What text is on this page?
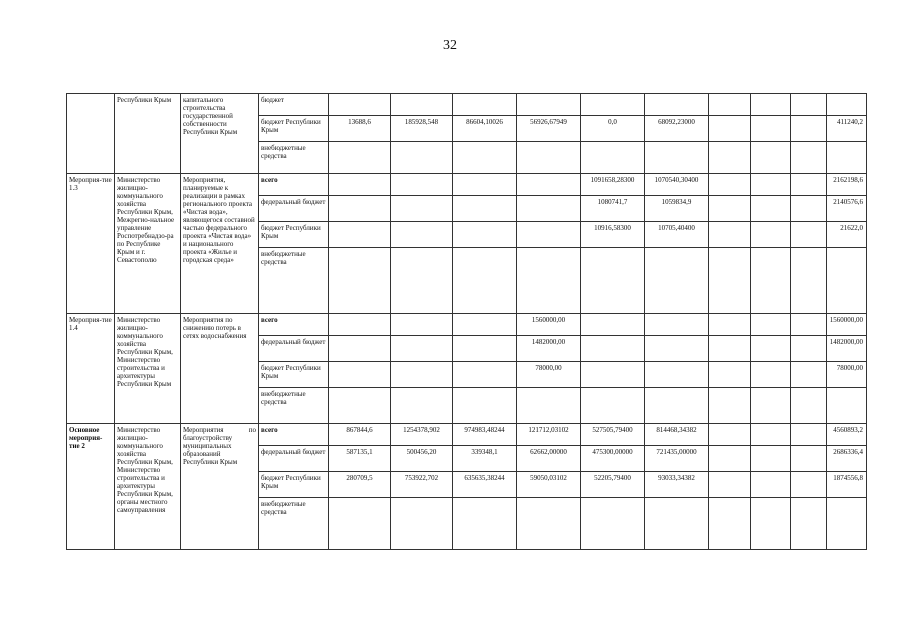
32
	Республики Крым	капитального строительства государственной собственности Республики Крым	бюджет										
			бюджет Республики Крым	13688,6	185928,548	86604,10026	56926,67949	0,0	68092,23000				411240,2
			внебюджетные средства										
Мероприя-тие 1.3	Министерство жилищно-коммунального хозяйства Республики Крым, Межрегио-нальное управление Роспотребнадзо-ра по Республике Крым и г. Севастополю	Мероприятия, планируемые к реализации в рамках регионального проекта «Чистая вода», являющегося составной частью федерального проекта «Чистая вода» и национального проекта «Жилье и городская среда»	всего					1091658,28300	1070540,30400				2162198,6
			федеральный бюджет					1080741,7	1059834,9				2140576,6
			бюджет Республики Крым					10916,58300	10705,40400				21622,0
			внебюджетные средства										
Мероприя-тие 1.4	Министерство жилищно-коммунального хозяйства Республики Крым, Министерство строительства и архитектуры Республики Крым	Мероприятия по снижению потерь в сетях водоснабжения	всего				1560000,00						1560000,00
			федеральный бюджет				1482000,00						1482000,00
			бюджет Республики Крым				78000,00						78000,00
			внебюджетные средства										
Основное мероприя-тие 2	Министерство жилищно-коммунального хозяйства Республики Крым, Министерство строительства и архитектуры Республики Крым, органы местного самоуправления	Мероприятия по благоустройству муниципальных образований Республики Крым	всего	867844,6	1254378,902	974983,48244	121712,03102	527505,79400	814468,34382				4560893,2
			федеральный бюджет	587135,1	500456,20	339348,1	62662,00000	475300,00000	721435,00000				2686336,4
			бюджет Республики Крым	280709,5	753922,702	635635,38244	59050,03102	52205,79400	93033,34382				1874556,8
			внебюджетные средства										
